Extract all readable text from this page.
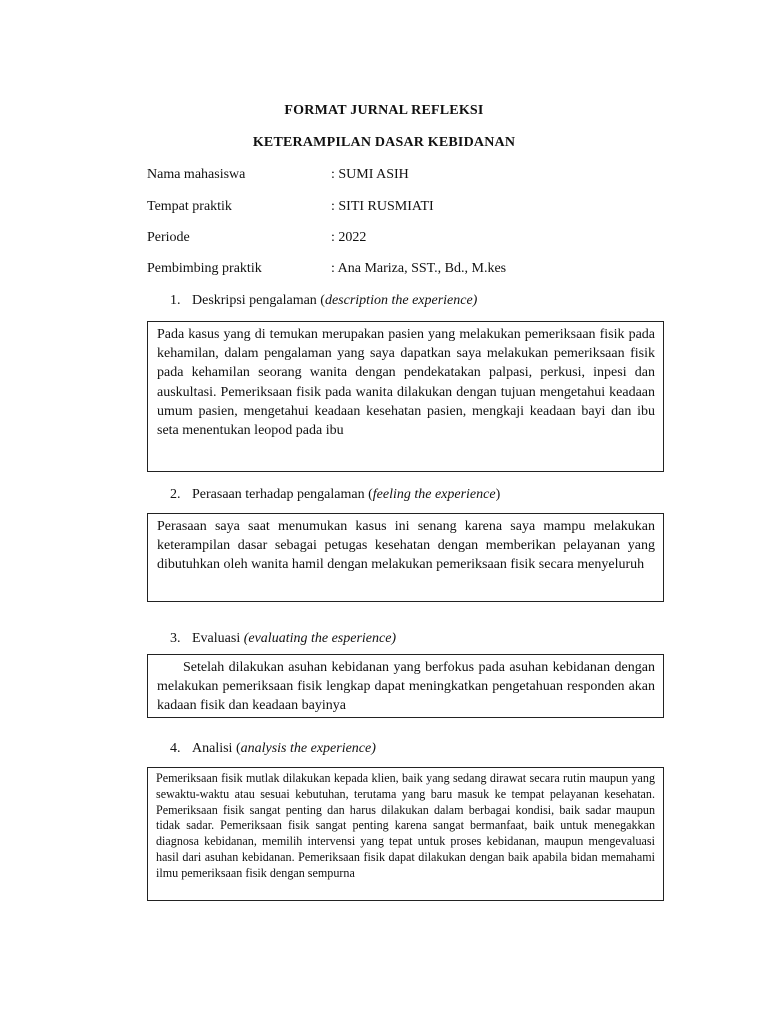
FORMAT JURNAL REFLEKSI
KETERAMPILAN DASAR KEBIDANAN
Nama mahasiswa	: SUMI ASIH
Tempat praktik	: SITI RUSMIATI
Periode	: 2022
Pembimbing praktik	: Ana Mariza, SST., Bd., M.kes
1. Deskripsi pengalaman (description the experience)

Pada kasus yang di temukan merupakan pasien yang melakukan pemeriksaan fisik pada kehamilan, dalam pengalaman yang saya dapatkan saya melakukan pemeriksaan fisik pada kehamilan seorang wanita dengan pendekatakan palpasi, perkusi, inpesi dan auskultasi. Pemeriksaan fisik pada wanita dilakukan dengan tujuan mengetahui keadaan umum pasien, mengetahui keadaan kesehatan pasien, mengkaji keadaan bayi dan ibu seta menentukan leopod pada ibu

2. Perasaan terhadap pengalaman (feeling the experience)

Perasaan saya saat menumukan kasus ini senang karena saya mampu melakukan keterampilan dasar sebagai petugas kesehatan dengan memberikan pelayanan yang dibutuhkan oleh wanita hamil dengan melakukan pemeriksaan fisik secara menyeluruh

3. Evaluasi (evaluating the esperience)

Setelah dilakukan asuhan kebidanan yang berfokus pada asuhan kebidanan dengan melakukan pemeriksaan fisik lengkap dapat meningkatkan pengetahuan responden akan kadaan fisik dan keadaan bayinya

4. Analisi (analysis the experience)

Pemeriksaan fisik mutlak dilakukan kepada klien, baik yang sedang dirawat secara rutin maupun yang sewaktu-waktu atau sesuai kebutuhan, terutama yang baru masuk ke tempat pelayanan kesehatan. Pemeriksaan fisik sangat penting dan harus dilakukan dalam berbagai kondisi, baik sadar maupun tidak sadar. Pemeriksaan fisik sangat penting karena sangat bermanfaat, baik untuk menegakkan diagnosa kebidanan, memilih intervensi yang tepat untuk proses kebidanan, maupun mengevaluasi hasil dari asuhan kebidanan. Pemeriksaan fisik dapat dilakukan dengan baik apabila bidan memahami ilmu pemeriksaan fisik dengan sempurna
